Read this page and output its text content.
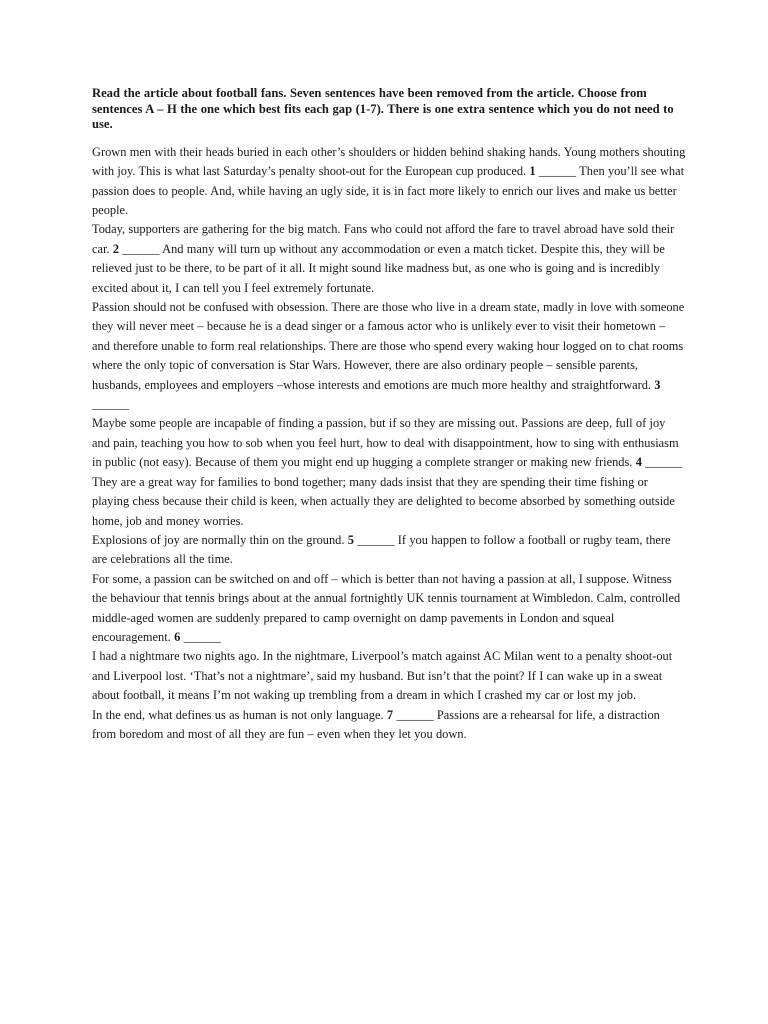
Read the article about football fans. Seven sentences have been removed from the article. Choose from sentences A – H the one which best fits each gap (1-7). There is one extra sentence which you do not need to use.

Grown men with their heads buried in each other’s shoulders or hidden behind shaking hands. Young mothers shouting with joy. This is what last Saturday’s penalty shoot-out for the European cup produced. 1 ______ Then you’ll see what passion does to people. And, while having an ugly side, it is in fact more likely to enrich our lives and make us better people.

Today, supporters are gathering for the big match. Fans who could not afford the fare to travel abroad have sold their car. 2 ______ And many will turn up without any accommodation or even a match ticket. Despite this, they will be relieved just to be there, to be part of it all. It might sound like madness but, as one who is going and is incredibly excited about it, I can tell you I feel extremely fortunate.

Passion should not be confused with obsession. There are those who live in a dream state, madly in love with someone they will never meet – because he is a dead singer or a famous actor who is unlikely ever to visit their hometown – and therefore unable to form real relationships. There are those who spend every waking hour logged on to chat rooms where the only topic of conversation is Star Wars. However, there are also ordinary people – sensible parents, husbands, employees and employers –whose interests and emotions are much more healthy and straightforward. 3 ______

Maybe some people are incapable of finding a passion, but if so they are missing out. Passions are deep, full of joy and pain, teaching you how to sob when you feel hurt, how to deal with disappointment, how to sing with enthusiasm in public (not easy). Because of them you might end up hugging a complete stranger or making new friends. 4 ______ They are a great way for families to bond together; many dads insist that they are spending their time fishing or playing chess because their child is keen, when actually they are delighted to become absorbed by something outside home, job and money worries.

Explosions of joy are normally thin on the ground. 5 ______ If you happen to follow a football or rugby team, there are celebrations all the time.

For some, a passion can be switched on and off – which is better than not having a passion at all, I suppose. Witness the behaviour that tennis brings about at the annual fortnightly UK tennis tournament at Wimbledon. Calm, controlled middle-aged women are suddenly prepared to camp overnight on damp pavements in London and squeal encouragement. 6 ______

I had a nightmare two nights ago. In the nightmare, Liverpool’s match against AC Milan went to a penalty shoot-out and Liverpool lost. ‘That’s not a nightmare’, said my husband. But isn’t that the point? If I can wake up in a sweat about football, it means I’m not waking up trembling from a dream in which I crashed my car or lost my job.

In the end, what defines us as human is not only language. 7 ______ Passions are a rehearsal for life, a distraction from boredom and most of all they are fun – even when they let you down.
